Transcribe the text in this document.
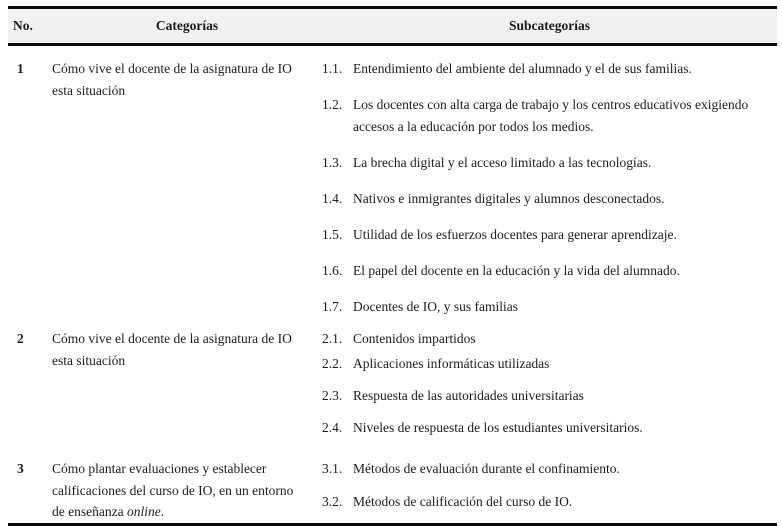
No.	Categorías	Subcategorías
1	Cómo vive el docente de la asignatura de IO esta situación
1.1. Entendimiento del ambiente del alumnado y el de sus familias.
1.2. Los docentes con alta carga de trabajo y los centros educativos exigiendo accesos a la educación por todos los medios.
1.3. La brecha digital y el acceso limitado a las tecnologías.
1.4. Nativos e inmigrantes digitales y alumnos desconectados.
1.5. Utilidad de los esfuerzos docentes para generar aprendizaje.
1.6. El papel del docente en la educación y la vida del alumnado.
1.7. Docentes de IO, y sus familias
2	Cómo vive el docente de la asignatura de IO esta situación
2.1. Contenidos impartidos
2.2. Aplicaciones informáticas utilizadas
2.3. Respuesta de las autoridades universitarias
2.4. Niveles de respuesta de los estudiantes universitarios.
3	Cómo plantar evaluaciones y establecer calificaciones del curso de IO, en un entorno de enseñanza online.
3.1. Métodos de evaluación durante el confinamiento.
3.2. Métodos de calificación del curso de IO.
